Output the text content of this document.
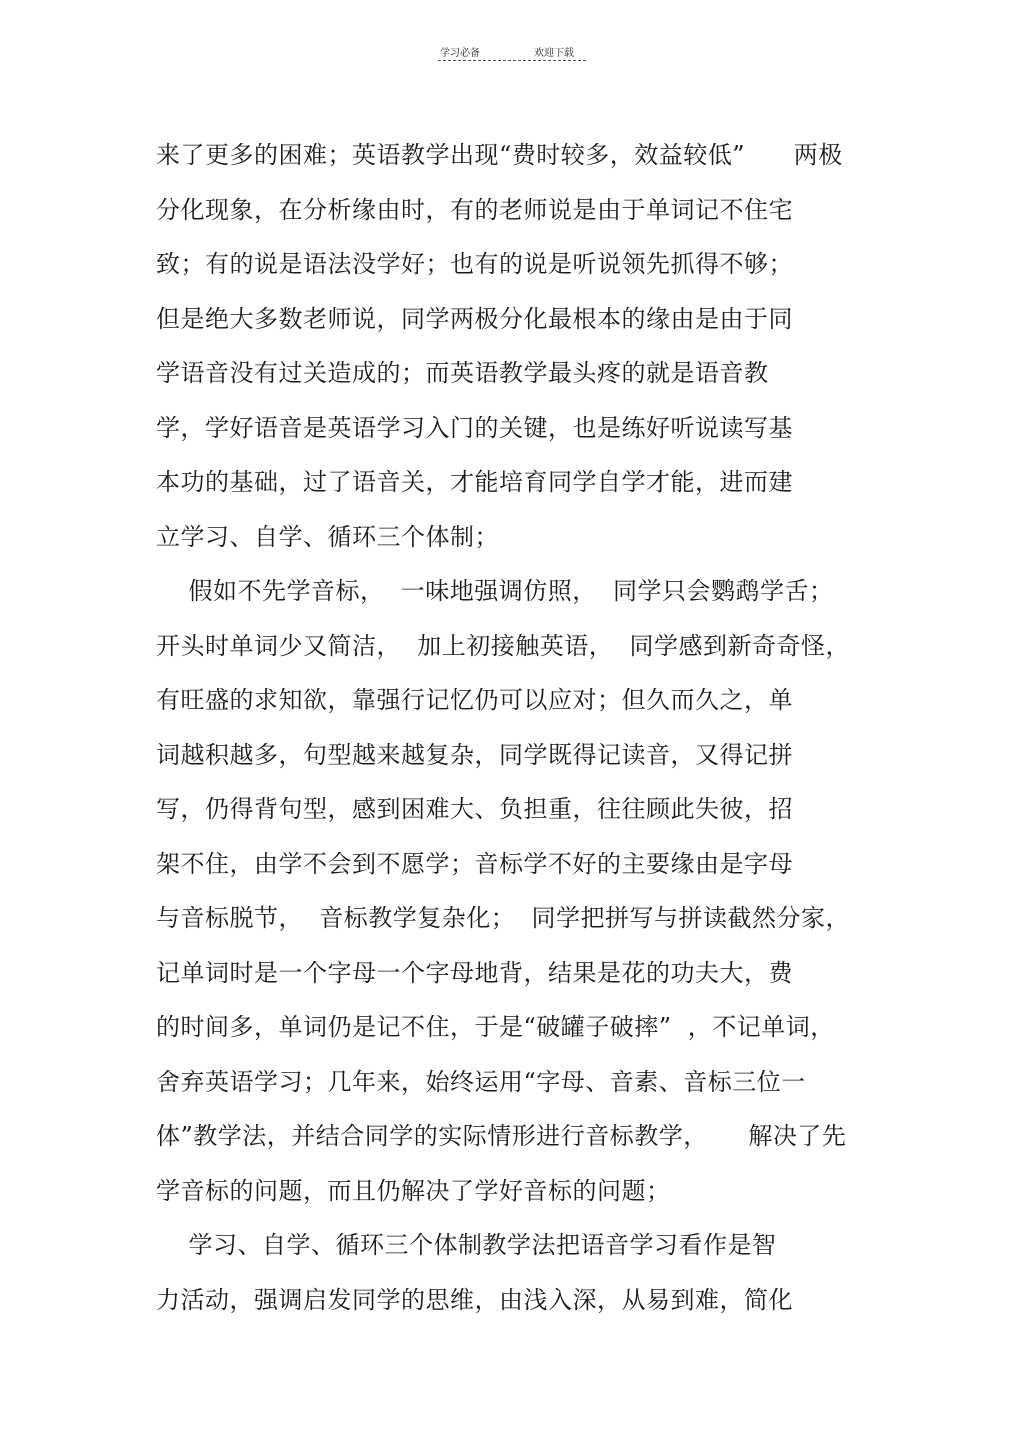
学习必备	欢迎下载
来了更多的困难；英语教学出现“费时较多，效益较低”      两极
分化现象，在分析缘由时，有的老师说是由于单词记不住宅
致；有的说是语法没学好；也有的说是听说领先抓得不够；
但是绝大多数老师说，同学两极分化最根本的缘由是由于同
学语音没有过关造成的；而英语教学最头疼的就是语音教
学，学好语音是英语学习入门的关键，也是练好听说读写基
本功的基础，过了语音关，才能培育同学自学才能，进而建
立学习、自学、循环三个体制；
假如不先学音标，  一味地强调仿照，  同学只会鹦鹉学舌；
开头时单词少又简洁，  加上初接触英语，  同学感到新奇奇怪，
有旺盛的求知欲，靠强行记忆仍可以应对；但久而久之，单
词越积越多，句型越来越复杂，同学既得记读音，又得记拼
写，仍得背句型，感到困难大、负担重，往往顾此失彼，招
架不住，由学不会到不愿学；音标学不好的主要缘由是字母
与音标脱节，  音标教学复杂化；  同学把拼写与拼读截然分家，
记单词时是一个字母一个字母地背，结果是花的功夫大，费
的时间多，单词仍是记不住，于是“破罐子破摔”  ，不记单词，
舍弃英语学习；几年来，始终运用“字母、音素、音标三位一
体”教学法，并结合同学的实际情形进行音标教学，     解决了先
学音标的问题，而且仍解决了学好音标的问题；
学习、自学、循环三个体制教学法把语音学习看作是智
力活动，强调启发同学的思维，由浅入深，从易到难，简化
